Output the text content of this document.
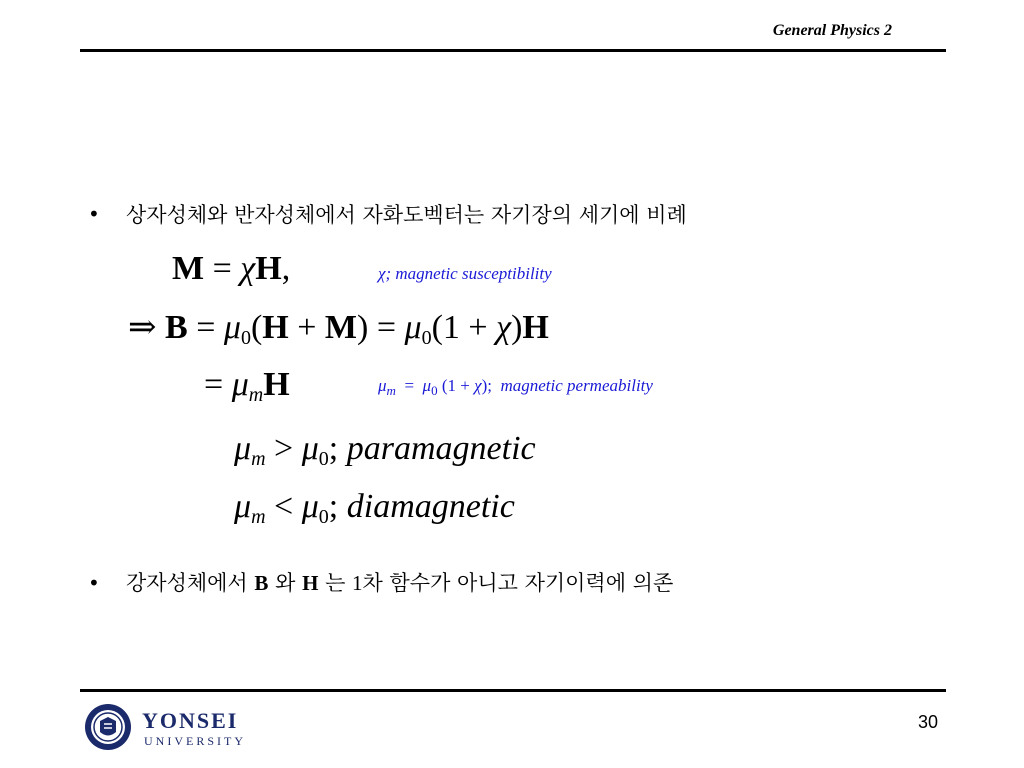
General Physics 2
• 상자성체와 반자성체에서 자화도벡터는 자기장의 세기에 비례
M = χH,	χ; magnetic susceptibility
⇒ $B = \mu_0(H + M) = \mu_0(1 + \chi)H$
= $\mu_mH$	$\mu_m = \mu_0$ (1 + χ);  magnetic permeability
$\mu_m > \mu_0$; paramagnetic
$\mu_m < \mu_0$; diamagnetic
• 강자성체에서 B 와 H 는 1차 함수가 아니고 자기이력에 의존
YONSEI
UNIVERSITY
30
